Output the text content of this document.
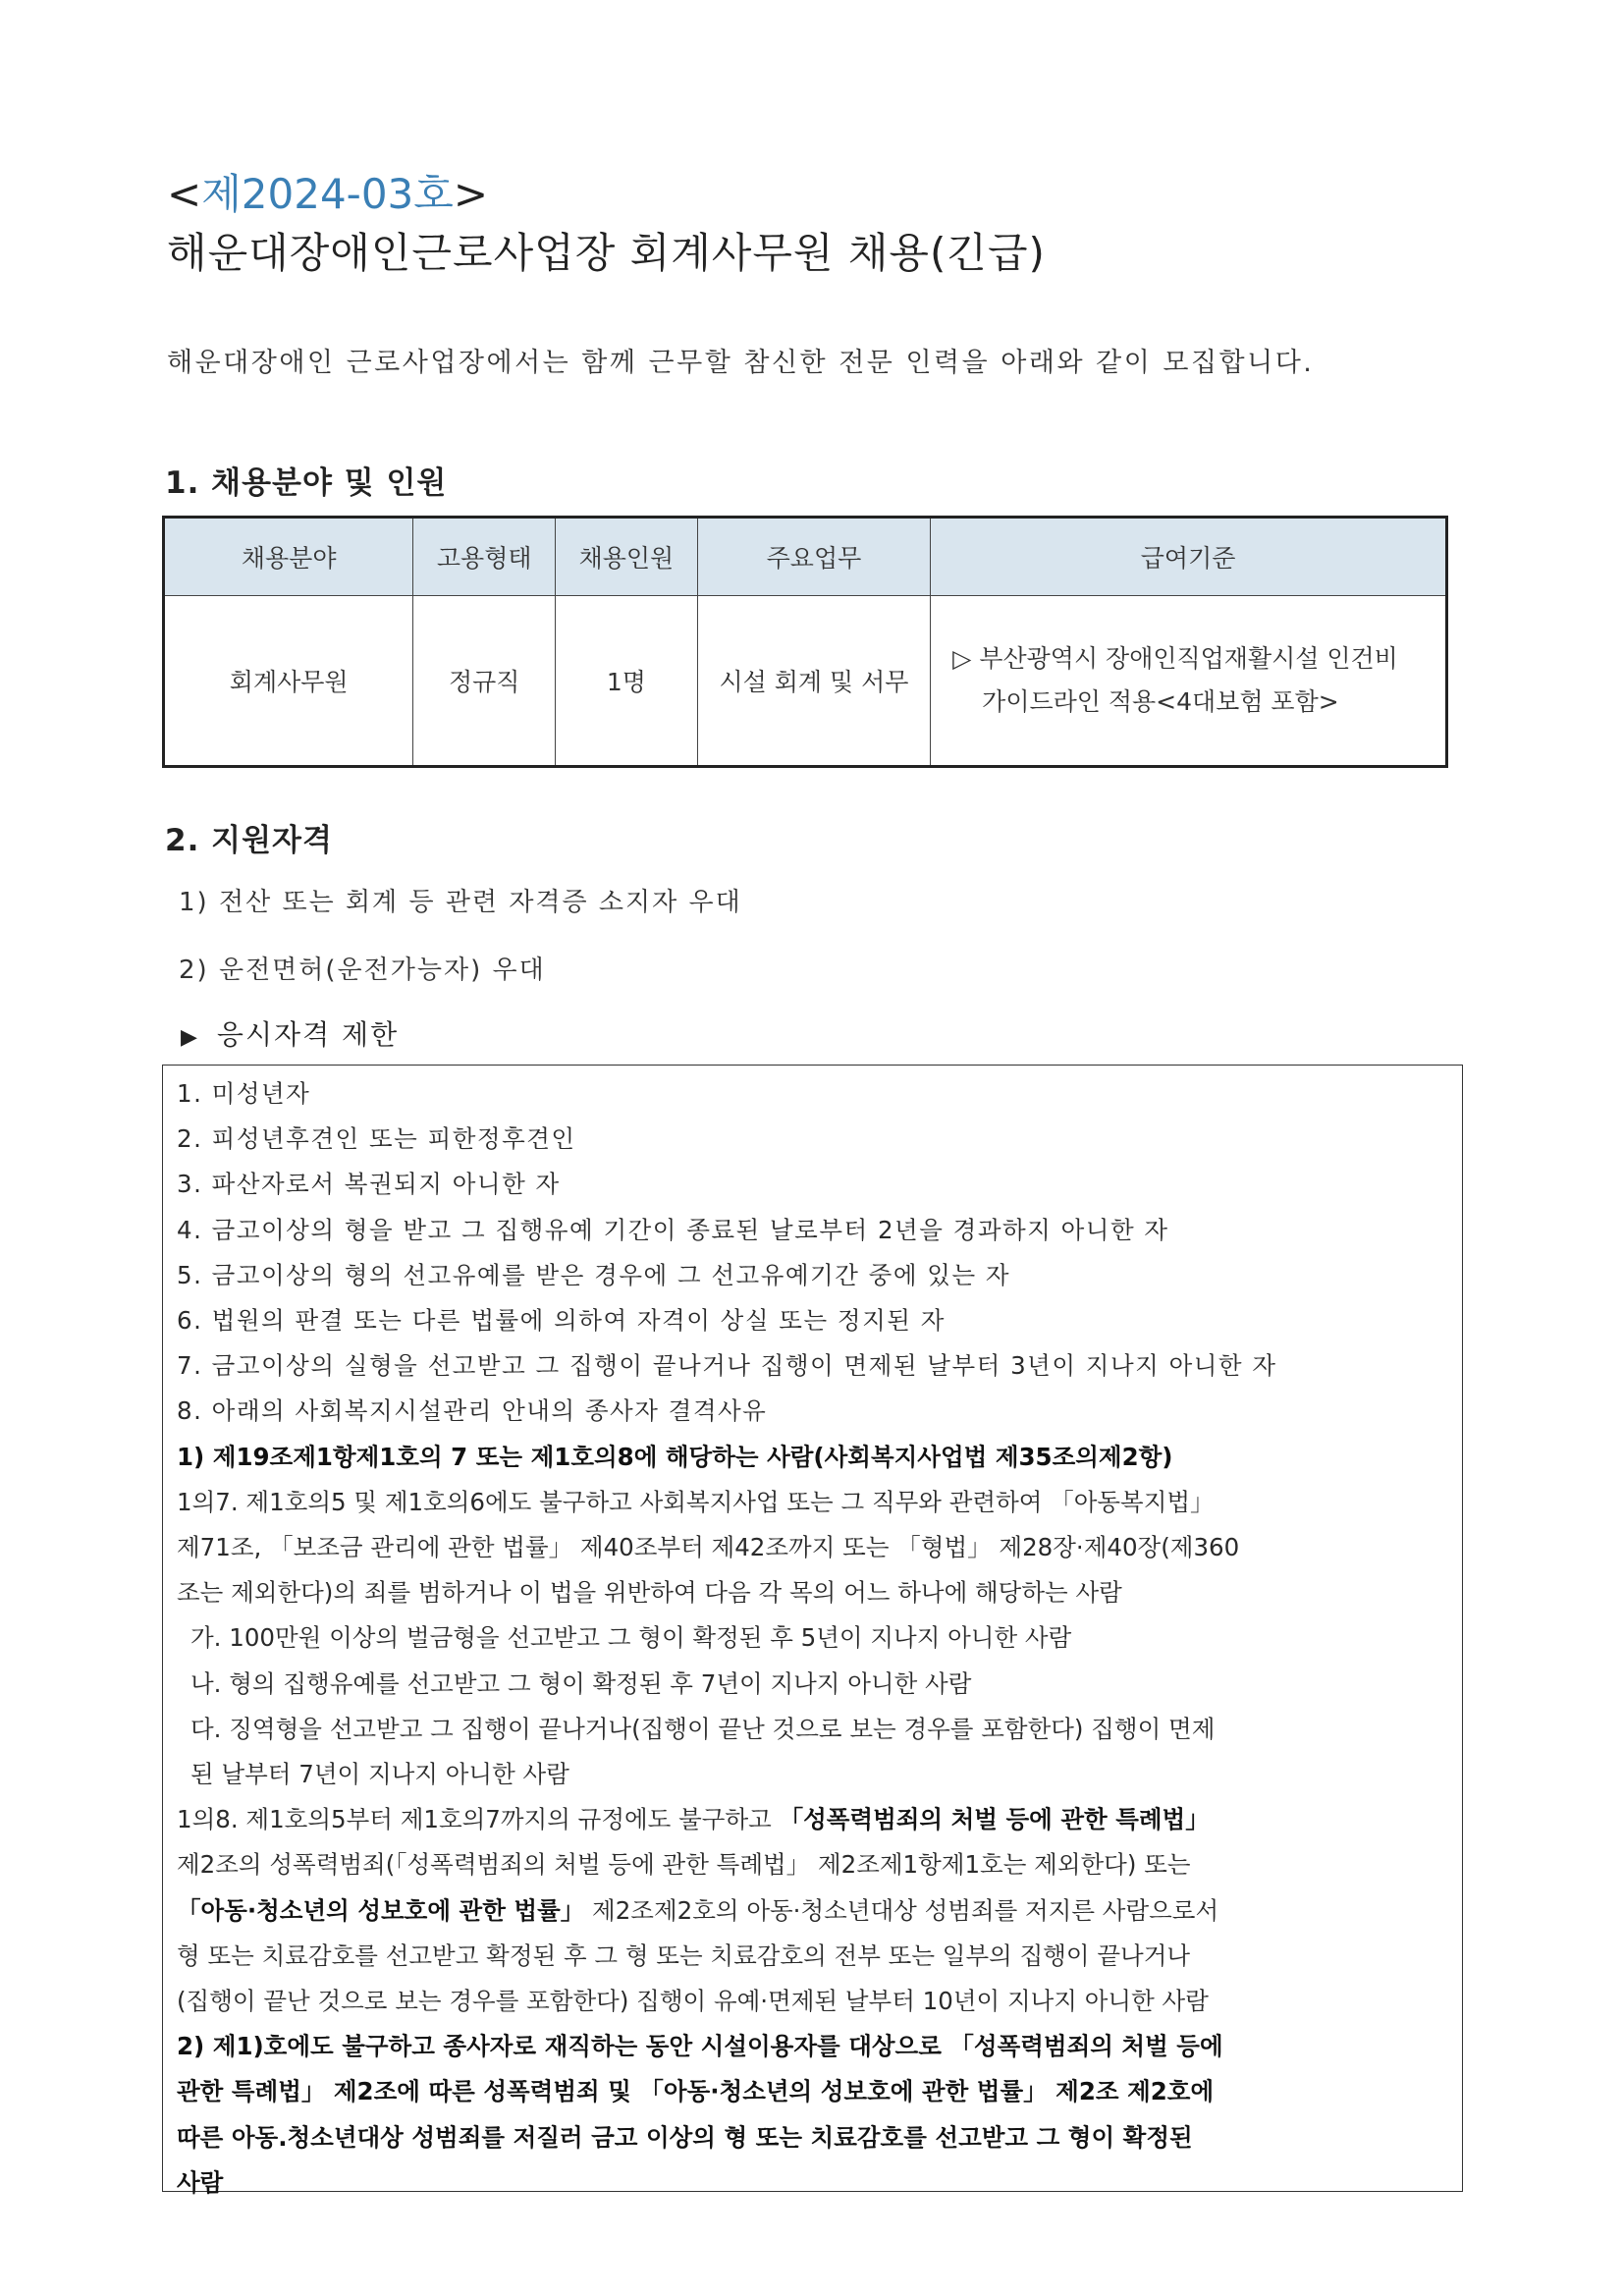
<제2024-03호>
해운대장애인근로사업장 회계사무원 채용(긴급)
해운대장애인 근로사업장에서는 함께 근무할 참신한 전문 인력을 아래와 같이 모집합니다.
1. 채용분야 및 인원
채용분야	고용형태	채용인원	주요업무	급여기준
회계사무원	정규직	1명	시설 회계 및 서무	▷ 부산광역시 장애인직업재활시설 인건비
가이드라인 적용<4대보험 포함>
2. 지원자격
1) 전산 또는 회계 등 관련 자격증 소지자 우대
2) 운전면허(운전가능자) 우대
▶ 응시자격 제한
1. 미성년자
2. 피성년후견인 또는 피한정후견인
3. 파산자로서 복권되지 아니한 자
4. 금고이상의 형을 받고 그 집행유예 기간이 종료된 날로부터 2년을 경과하지 아니한 자
5. 금고이상의 형의 선고유예를 받은 경우에 그 선고유예기간 중에 있는 자
6. 법원의 판결 또는 다른 법률에 의하여 자격이 상실 또는 정지된 자
7. 금고이상의 실형을 선고받고 그 집행이 끝나거나 집행이 면제된 날부터 3년이 지나지 아니한 자
8. 아래의 사회복지시설관리 안내의 종사자 결격사유
1) 제19조제1항제1호의 7 또는 제1호의8에 해당하는 사람(사회복지사업법 제35조의제2항)
1의7. 제1호의5 및 제1호의6에도 불구하고 사회복지사업 또는 그 직무와 관련하여 「아동복지법」
제71조, 「보조금 관리에 관한 법률」 제40조부터 제42조까지 또는 「형법」 제28장·제40장(제360
조는 제외한다)의 죄를 범하거나 이 법을 위반하여 다음 각 목의 어느 하나에 해당하는 사람
가. 100만원 이상의 벌금형을 선고받고 그 형이 확정된 후 5년이 지나지 아니한 사람
나. 형의 집행유예를 선고받고 그 형이 확정된 후 7년이 지나지 아니한 사람
다. 징역형을 선고받고 그 집행이 끝나거나(집행이 끝난 것으로 보는 경우를 포함한다) 집행이 면제
된 날부터 7년이 지나지 아니한 사람
1의8. 제1호의5부터 제1호의7까지의 규정에도 불구하고 「성폭력범죄의 처벌 등에 관한 특례법」
제2조의 성폭력범죄(「성폭력범죄의 처벌 등에 관한 특례법」 제2조제1항제1호는 제외한다) 또는
「아동·청소년의 성보호에 관한 법률」 제2조제2호의 아동·청소년대상 성범죄를 저지른 사람으로서
형 또는 치료감호를 선고받고 확정된 후 그 형 또는 치료감호의 전부 또는 일부의 집행이 끝나거나
(집행이 끝난 것으로 보는 경우를 포함한다) 집행이 유예·면제된 날부터 10년이 지나지 아니한 사람
2) 제1)호에도 불구하고 종사자로 재직하는 동안 시설이용자를 대상으로 「성폭력범죄의 처벌 등에
관한 특례법」 제2조에 따른 성폭력범죄 및 「아동·청소년의 성보호에 관한 법률」 제2조 제2호에
따른 아동.청소년대상 성범죄를 저질러 금고 이상의 형 또는 치료감호를 선고받고 그 형이 확정된
사람
